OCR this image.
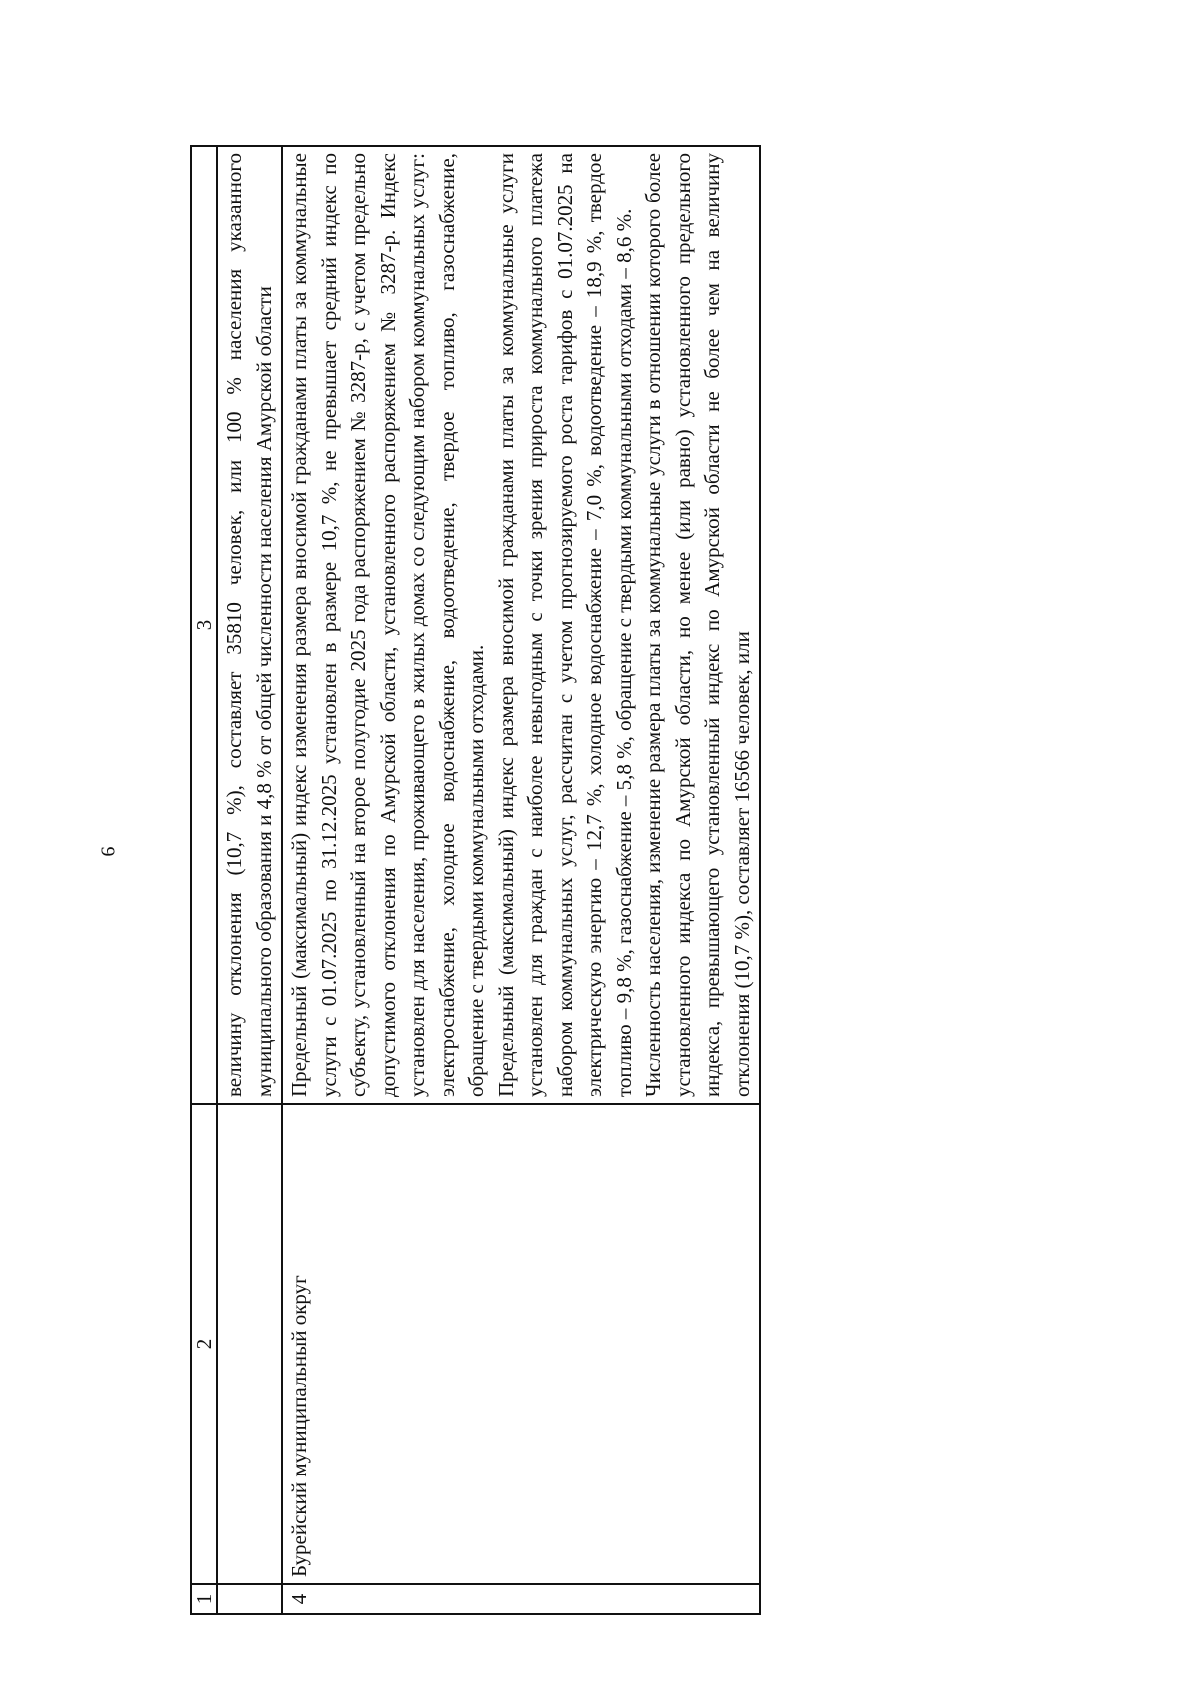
9
1	2	3

		величину отклонения (10,7 %), составляет 35810 человек, или 100 % населения указанного муниципального образования и 4,8 % от общей численности населения Амурской области

4	Бурейский муниципальный округ	Предельный (максимальный) индекс изменения размера вносимой гражданами платы за коммунальные услуги с 01.07.2025 по 31.12.2025 установлен в размере 10,7 %, не превышает средний индекс по субъекту, установленный на второе полугодие 2025 года распоряжением № 3287-р, с учетом предельно допустимого отклонения по Амурской области, установленного распоряжением № 3287-р. Индекс установлен для населения, проживающего в жилых домах со следующим набором коммунальных услуг: электроснабжение, холодное водоснабжение, водоотведение, твердое топливо, газоснабжение, обращение с твердыми коммунальными отходами. Предельный (максимальный) индекс размера вносимой гражданами платы за коммунальные услуги установлен для граждан с наиболее невыгодным с точки зрения прироста коммунального платежа набором коммунальных услуг, рассчитан с учетом прогнозируемого роста тарифов с 01.07.2025 на электрическую энергию – 12,7 %, холодное водоснабжение – 7,0 %, водоотведение – 18,9 %, твердое топливо – 9,8 %, газоснабжение – 5,8 %, обращение с твердыми коммунальными отходами – 8,6 %. Численность населения, изменение размера платы за коммунальные услуги в отношении которого более установленного индекса по Амурской области, но менее (или равно) установленного предельного индекса, превышающего установленный индекс по Амурской области не более чем на величину отклонения (10,7 %), составляет 16566 человек, или
